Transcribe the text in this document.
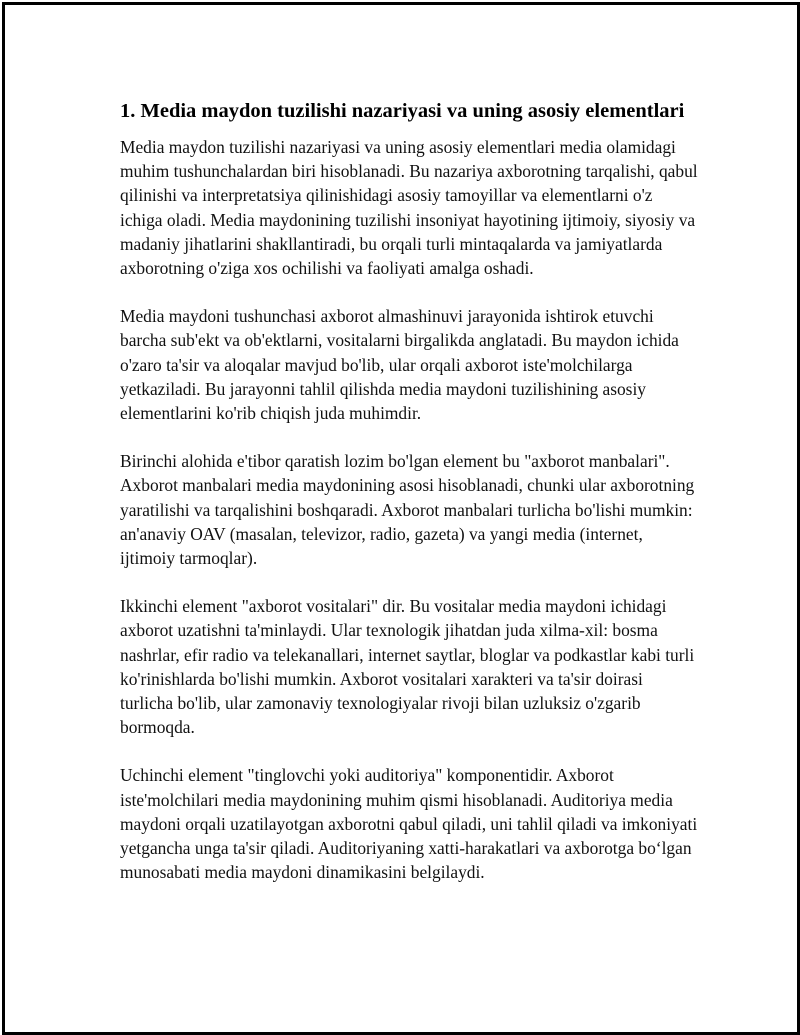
1. Media maydon tuzilishi nazariyasi va uning asosiy elementlari

Media maydon tuzilishi nazariyasi va uning asosiy elementlari media olamidagi muhim tushunchalardan biri hisoblanadi. Bu nazariya axborotning tarqalishi, qabul qilinishi va interpretatsiya qilinishidagi asosiy tamoyillar va elementlarni o'z ichiga oladi. Media maydonining tuzilishi insoniyat hayotining ijtimoiy, siyosiy va madaniy jihatlarini shakllantiradi, bu orqali turli mintaqalarda va jamiyatlarda axborotning o'ziga xos ochilishi va faoliyati amalga oshadi.

Media maydoni tushunchasi axborot almashinuvi jarayonida ishtirok etuvchi barcha sub'ekt va ob'ektlarni, vositalarni birgalikda anglatadi. Bu maydon ichida o'zaro ta'sir va aloqalar mavjud bo'lib, ular orqali axborot iste'molchilarga yetkaziladi. Bu jarayonni tahlil qilishda media maydoni tuzilishining asosiy elementlarini ko'rib chiqish juda muhimdir.

Birinchi alohida e'tibor qaratish lozim bo'lgan element bu "axborot manbalari". Axborot manbalari media maydonining asosi hisoblanadi, chunki ular axborotning yaratilishi va tarqalishini boshqaradi. Axborot manbalari turlicha bo'lishi mumkin: an'anaviy OAV (masalan, televizor, radio, gazeta) va yangi media (internet, ijtimoiy tarmoqlar).

Ikkinchi element "axborot vositalari" dir. Bu vositalar media maydoni ichidagi axborot uzatishni ta'minlaydi. Ular texnologik jihatdan juda xilma-xil: bosma nashrlar, efir radio va telekanallari, internet saytlar, bloglar va podkastlar kabi turli ko'rinishlarda bo'lishi mumkin. Axborot vositalari xarakteri va ta'sir doirasi turlicha bo'lib, ular zamonaviy texnologiyalar rivoji bilan uzluksiz o'zgarib bormoqda.

Uchinchi element "tinglovchi yoki auditoriya" komponentidir. Axborot iste'molchilari media maydonining muhim qismi hisoblanadi. Auditoriya media maydoni orqali uzatilayotgan axborotni qabul qiladi, uni tahlil qiladi va imkoniyati yetgancha unga ta'sir qiladi. Auditoriyaning xatti-harakatlari va axborotga bo‘lgan munosabati media maydoni dinamikasini belgilaydi.
